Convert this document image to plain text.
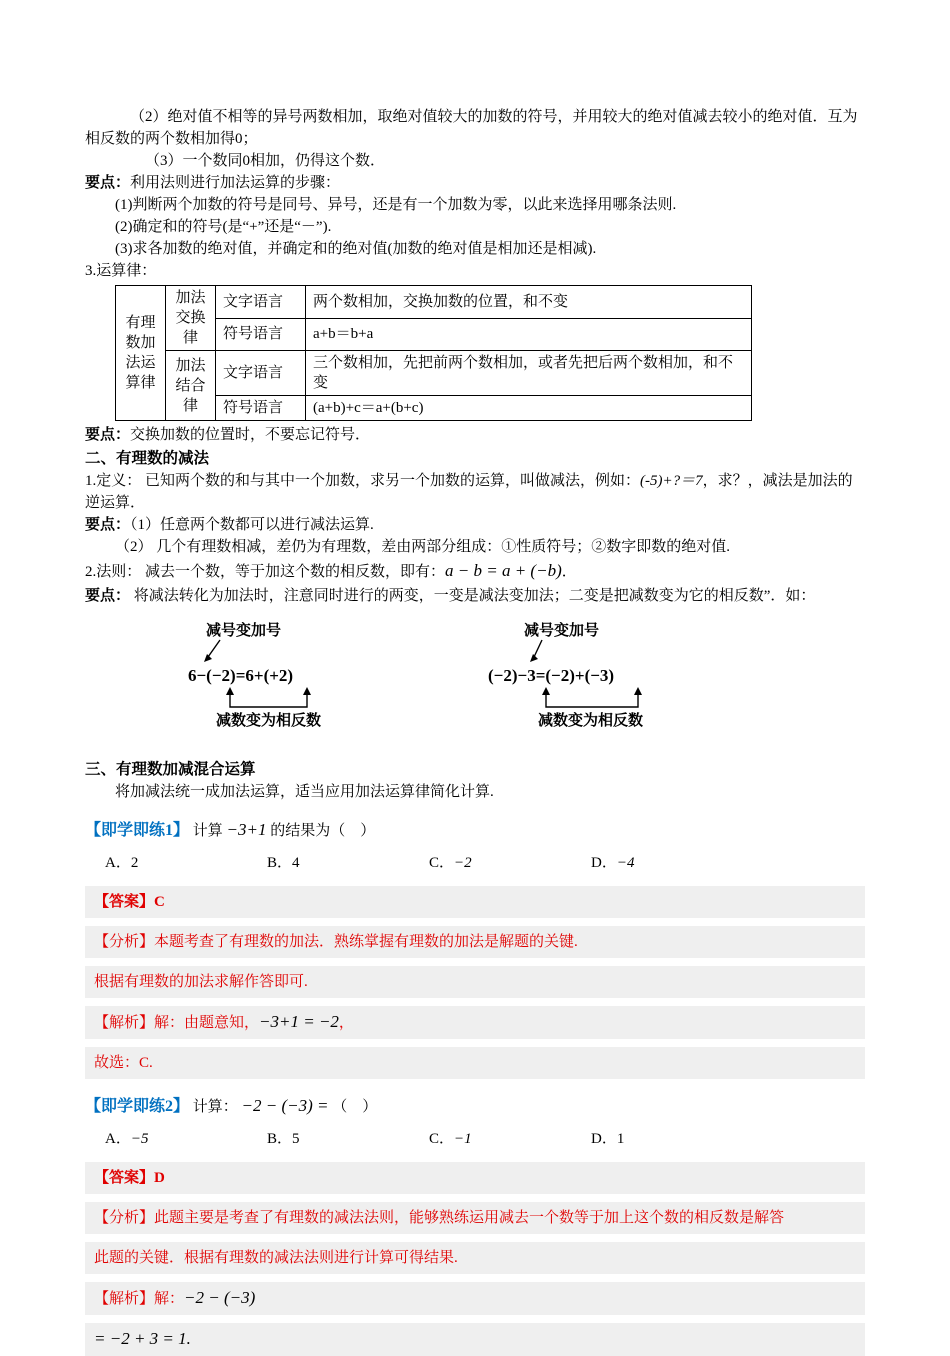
（2）绝对值不相等的异号两数相加，取绝对值较大的加数的符号，并用较大的绝对值减去较小的绝对值．互为相反数的两个数相加得0；

（3）一个数同0相加，仍得这个数．

要点：利用法则进行加法运算的步骤：

(1)判断两个加数的符号是同号、异号，还是有一个加数为零，以此来选择用哪条法则.

(2)确定和的符号(是“+”还是“－”).

(3)求各加数的绝对值，并确定和的绝对值(加数的绝对值是相加还是相减).

3.运算律：

有理数加法运算律	加法交换律	文字语言	两个数相加，交换加数的位置，和不变
		符号语言	a+b＝b+a
	加法结合律	文字语言	三个数相加，先把前两个数相加，或者先把后两个数相加，和不变
		符号语言	(a+b)+c＝a+(b+c)

要点：交换加数的位置时，不要忘记符号．

二、有理数的减法

1.定义： 已知两个数的和与其中一个加数，求另一个加数的运算，叫做减法，例如：(-5)+?＝7，求？，减法是加法的逆运算．

要点：（1）任意两个数都可以进行减法运算.

（2） 几个有理数相减，差仍为有理数，差由两部分组成：①性质符号；②数字即数的绝对值.

2.法则： 减去一个数，等于加这个数的相反数，即有：a − b = a + (−b)．

要点： 将减法转化为加法时，注意同时进行的两变，一变是减法变加法；二变是把减数变为它的相反数”．如：

减号变加号
6−(−2)=6+(+2)
减数变为相反数
减号变加号
(−2)−3=(−2)+(−3)
减数变为相反数

三、有理数加减混合运算

将加减法统一成加法运算，适当应用加法运算律简化计算.

【即学即练1】 计算 −3+1 的结果为（　）

A．2	B．4	C．−2	D．−4

【答案】C

【分析】本题考查了有理数的加法．熟练掌握有理数的加法是解题的关键.

根据有理数的加法求解作答即可.

【解析】解：由题意知，−3+1 = −2，

故选：C.

【即学即练2】 计算： −2 − (−3) = （　）

A．−5	B．5	C．−1	D．1

【答案】D

【分析】此题主要是考查了有理数的减法法则，能够熟练运用减去一个数等于加上这个数的相反数是解答

此题的关键．根据有理数的减法法则进行计算可得结果.

【解析】解：−2 − (−3)

= −2 + 3 = 1.
